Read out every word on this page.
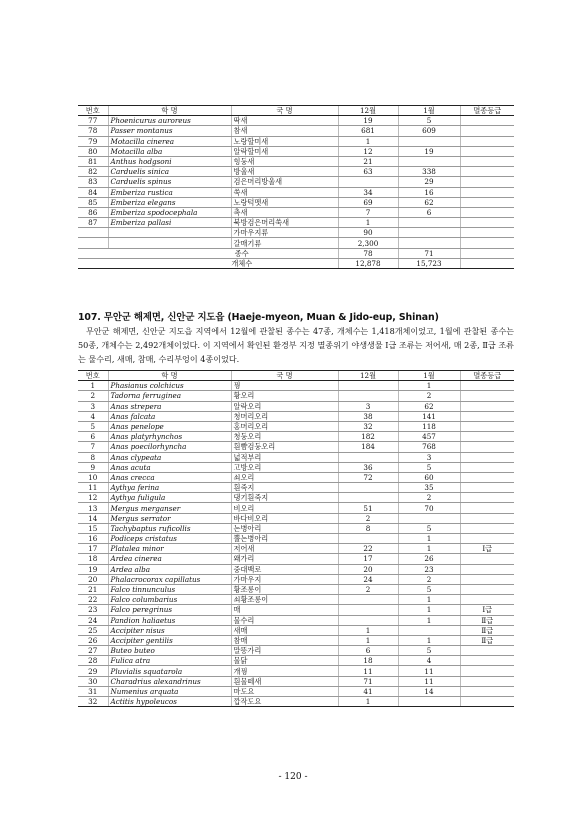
번호	학 명	국 명	12월	1월	멸종등급
77	Phoenicurus auroreus	딱새	19	5	
78	Passer montanus	참새	681	609	
79	Motacilla cinerea	노랑할미새	1		
80	Motacilla alba	알락할미새	12	19	
81	Anthus hodgsoni	힝둥새	21		
82	Carduelis sinica	방울새	63	338	
83	Carduelis spinus	검은머리방울새		29	
84	Emberiza rustica	쑥새	34	16	
85	Emberiza elegans	노랑턱멧새	69	62	
86	Emberiza spodocephala	촉새	7	6	
87	Emberiza pallasi	북방검은머리쑥새	1		
		가마우지류	90		
		갈매기류	2,300		
종수			78	71	
개체수			12,878	15,723	
107. 무안군 해제면, 신안군 지도읍 (Haeje-myeon, Muan & Jido-eup, Shinan)

무안군 해제면, 신안군 지도읍 지역에서 12월에 관찰된 종수는 47종, 개체수는 1,418개체이었고, 1월에 관찰된 종수는 50종, 개체수는 2,492개체이었다. 이 지역에서 확인된 환경부 지정 멸종위기 야생생물 Ⅰ급 조류는 저어새, 매 2종, Ⅱ급 조류는 물수리, 새매, 참매, 수리부엉이 4종이었다.

번호	학 명	국 명	12월	1월	멸종등급
1	Phasianus colchicus	꿩		1	
2	Tadorna ferruginea	황오리		2	
3	Anas strepera	알락오리	3	62	
4	Anas falcata	청머리오리	38	141	
5	Anas penelope	홍머리오리	32	118	
6	Anas platyrhynchos	청둥오리	182	457	
7	Anas poecilorhyncha	흰뺨검둥오리	184	768	
8	Anas clypeata	넓적부리		3	
9	Anas acuta	고방오리	36	5	
10	Anas crecca	쇠오리	72	60	
11	Aythya ferina	흰죽지		35	
12	Aythya fuligula	댕기흰죽지		2	
13	Mergus merganser	비오리	51	70	
14	Mergus serrator	바다비오리	2		
15	Tachybaptus ruficollis	논병아리	8	5	
16	Podiceps cristatus	뿔논병아리		1	
17	Platalea minor	저어새	22	1	Ⅰ급
18	Ardea cinerea	왜가리	17	26	
19	Ardea alba	중대백로	20	23	
20	Phalacrocorax capillatus	가마우지	24	2	
21	Falco tinnunculus	황조롱이	2	5	
22	Falco columbarius	쇠황조롱이		1	
23	Falco peregrinus	매		1	Ⅰ급
24	Pandion haliaetus	물수리		1	Ⅱ급
25	Accipiter nisus	새매	1		Ⅱ급
26	Accipiter gentilis	참매	1	1	Ⅱ급
27	Buteo buteo	말똥가리	6	5	
28	Fulica atra	물닭	18	4	
29	Pluvialis squatarola	개꿩	11	11	
30	Charadrius alexandrinus	흰물떼새	71	11	
31	Numenius arquata	마도요	41	14	
32	Actitis hypoleucos	깝작도요	1		
- 120 -
